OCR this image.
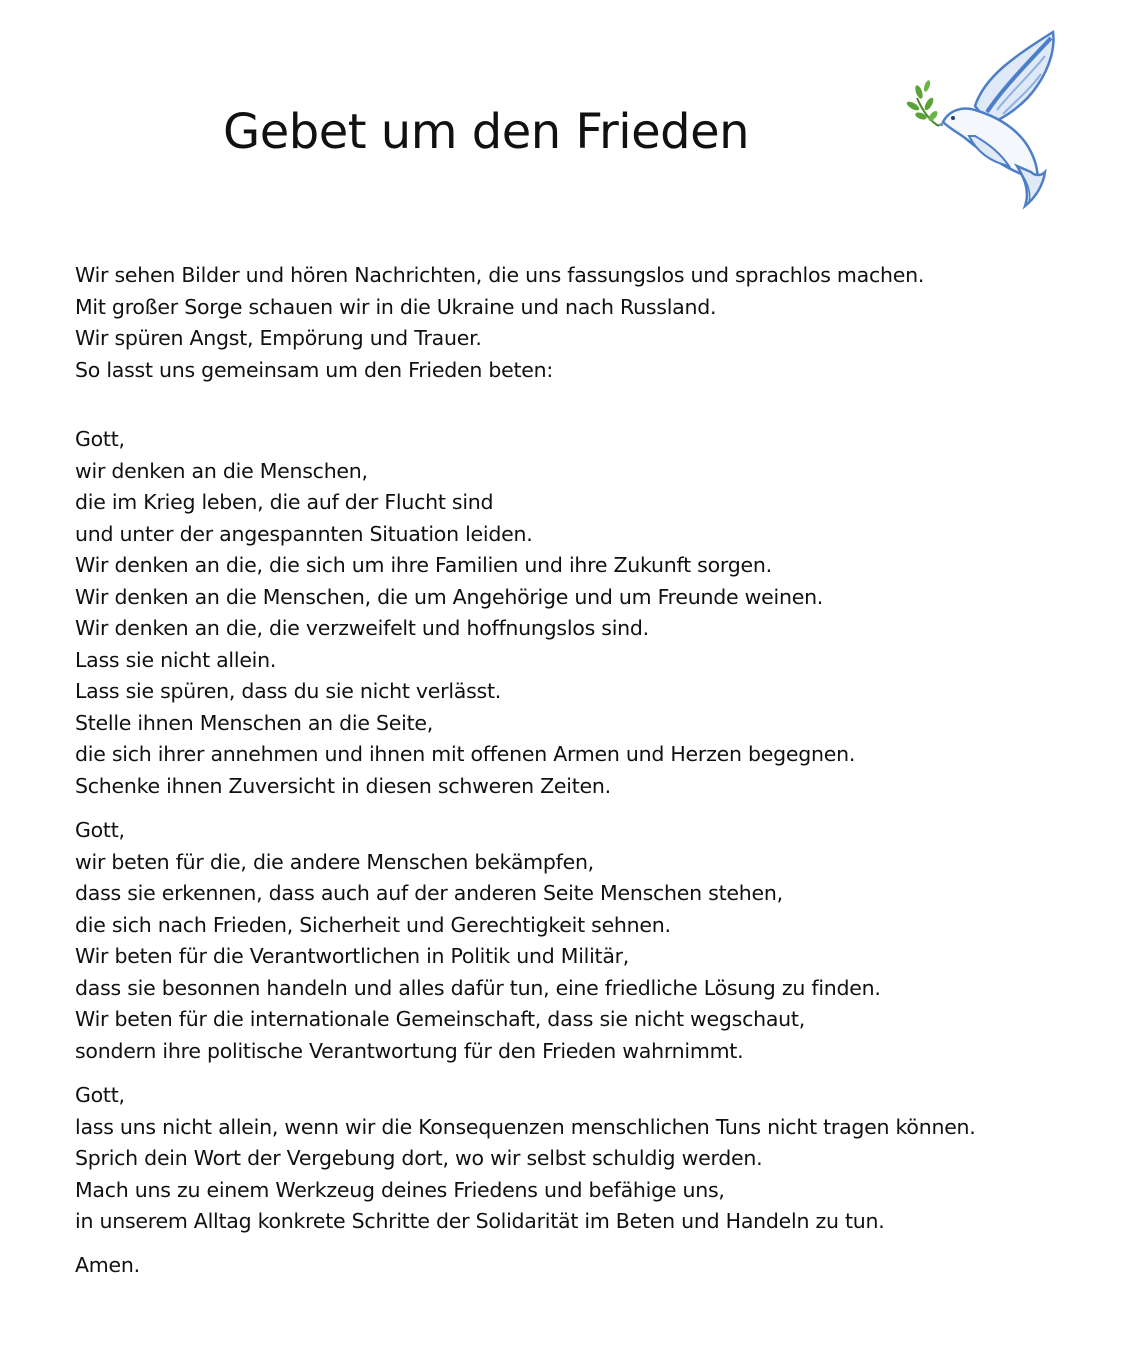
Gebet um den Frieden
Wir sehen Bilder und hören Nachrichten, die uns fassungslos und sprachlos machen.
Mit großer Sorge schauen wir in die Ukraine und nach Russland.
Wir spüren Angst, Empörung und Trauer.
So lasst uns gemeinsam um den Frieden beten:
Gott,
wir denken an die Menschen,
die im Krieg leben, die auf der Flucht sind
und unter der angespannten Situation leiden.
Wir denken an die, die sich um ihre Familien und ihre Zukunft sorgen.
Wir denken an die Menschen, die um Angehörige und um Freunde weinen.
Wir denken an die, die verzweifelt und hoffnungslos sind.
Lass sie nicht allein.
Lass sie spüren, dass du sie nicht verlässt.
Stelle ihnen Menschen an die Seite,
die sich ihrer annehmen und ihnen mit offenen Armen und Herzen begegnen.
Schenke ihnen Zuversicht in diesen schweren Zeiten.
Gott,
wir beten für die, die andere Menschen bekämpfen,
dass sie erkennen, dass auch auf der anderen Seite Menschen stehen,
die sich nach Frieden, Sicherheit und Gerechtigkeit sehnen.
Wir beten für die Verantwortlichen in Politik und Militär,
dass sie besonnen handeln und alles dafür tun, eine friedliche Lösung zu finden.
Wir beten für die internationale Gemeinschaft, dass sie nicht wegschaut,
sondern ihre politische Verantwortung für den Frieden wahrnimmt.
Gott,
lass uns nicht allein, wenn wir die Konsequenzen menschlichen Tuns nicht tragen können.
Sprich dein Wort der Vergebung dort, wo wir selbst schuldig werden.
Mach uns zu einem Werkzeug deines Friedens und befähige uns,
in unserem Alltag konkrete Schritte der Solidarität im Beten und Handeln zu tun.
Amen.
